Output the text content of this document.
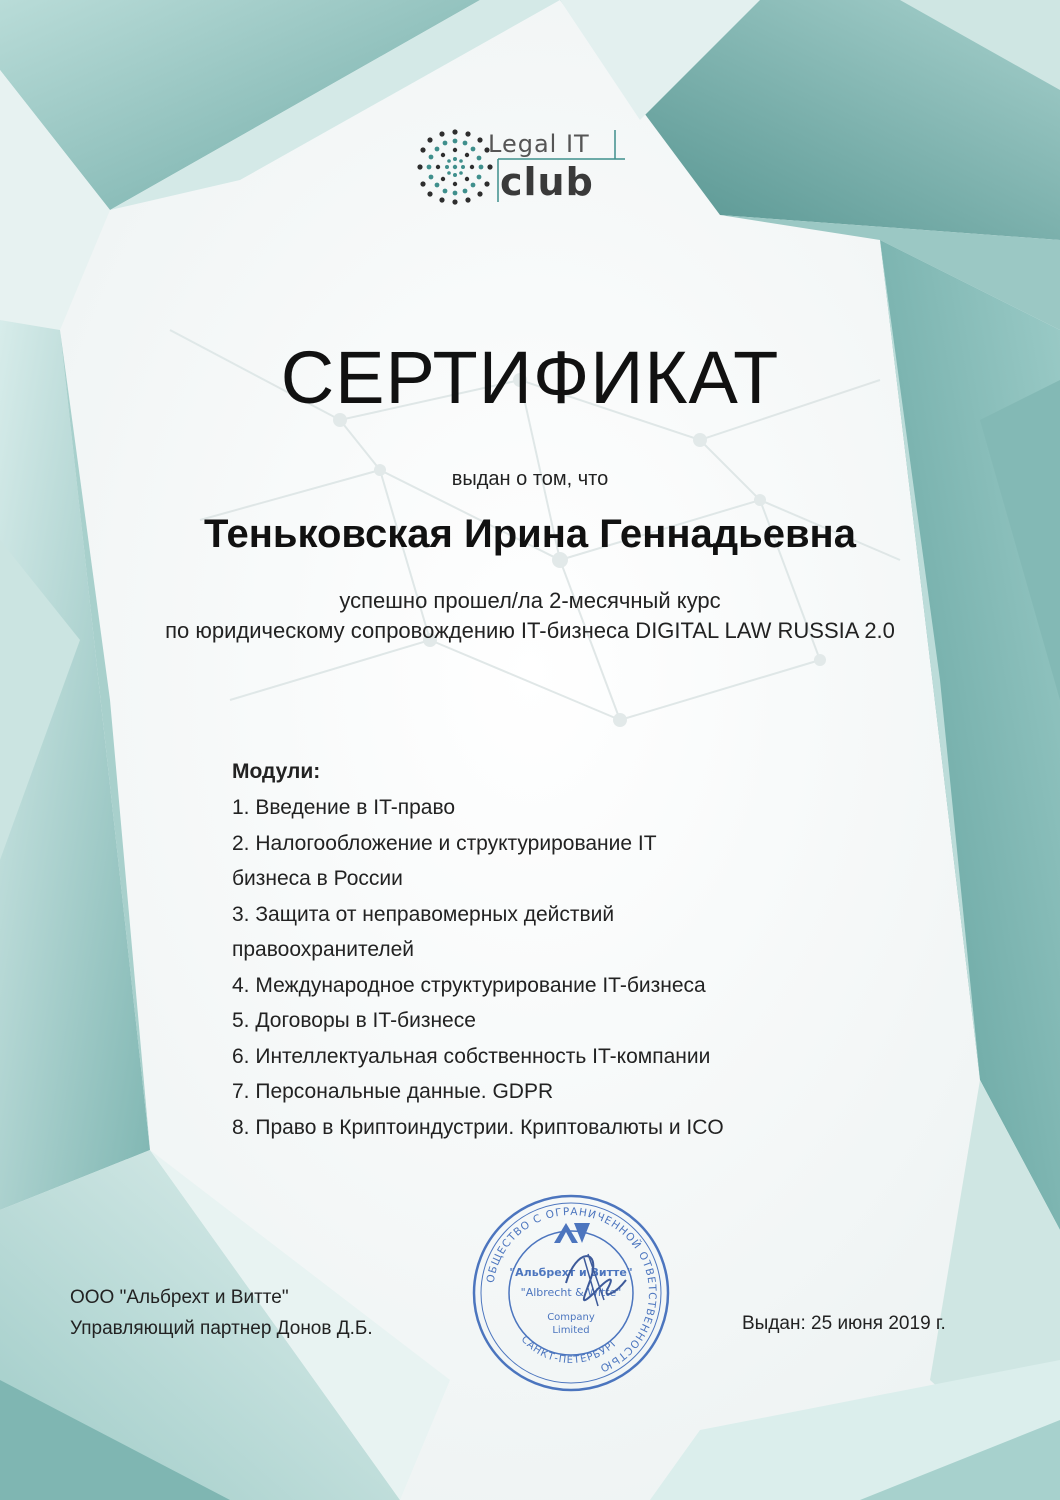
Legal IT
club
СЕРТИФИКАТ
выдан о том, что
Теньковская Ирина Геннадьевна
успешно прошел/ла 2-месячный курс
по юридическому сопровождению IT-бизнеса DIGITAL LAW RUSSIA 2.0
Модули:
1. Введение в IT-право
2. Налогообложение и структурирование IT
бизнеса в России
3. Защита от неправомерных действий
правоохранителей
4. Международное структурирование IT-бизнеса
5. Договоры в IT-бизнесе
6. Интеллектуальная собственность IT-компании
7. Персональные данные. GDPR
8. Право в Криптоиндустрии. Криптовалюты и ICO
ООО "Альбрехт и Витте"
Управляющий партнер Донов Д.Б.	Выдан: 25 июня 2019 г.
ОБЩЕСТВО С ОГРАНИЧЕННОЙ ОТВЕТСТВЕННОСТЬЮ
САНКТ-ПЕТЕРБУРГ
"Альбрехт и Витте"
"Albrecht & Witte"
Company
Limited
